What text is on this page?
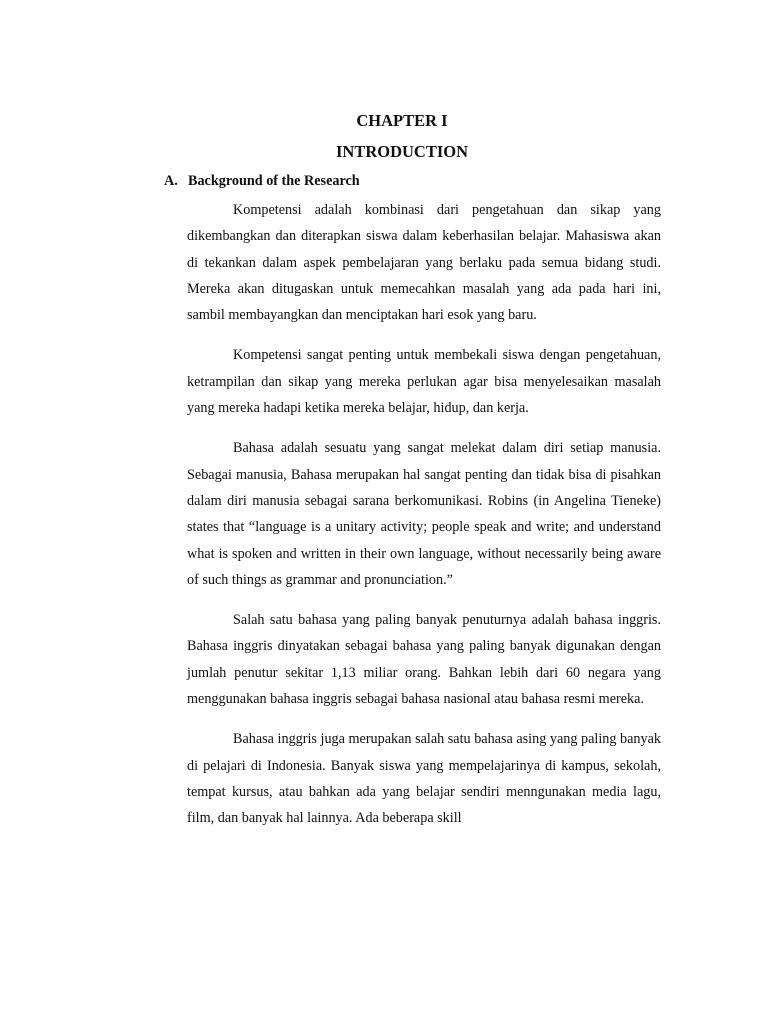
CHAPTER I
INTRODUCTION
A. Background of the Research

Kompetensi adalah kombinasi dari pengetahuan dan sikap yang dikembangkan dan diterapkan siswa dalam keberhasilan belajar. Mahasiswa akan di tekankan dalam aspek pembelajaran yang berlaku pada semua bidang studi. Mereka akan ditugaskan untuk memecahkan masalah yang ada pada hari ini, sambil membayangkan dan menciptakan hari esok yang baru.

Kompetensi sangat penting untuk membekali siswa dengan pengetahuan, ketrampilan dan sikap yang mereka perlukan agar bisa menyelesaikan masalah yang mereka hadapi ketika mereka belajar, hidup, dan kerja.

Bahasa adalah sesuatu yang sangat melekat dalam diri setiap manusia. Sebagai manusia, Bahasa merupakan hal sangat penting dan tidak bisa di pisahkan dalam diri manusia sebagai sarana berkomunikasi. Robins (in Angelina Tieneke) states that “language is a unitary activity; people speak and write; and understand what is spoken and written in their own language, without necessarily being aware of such things as grammar and pronunciation.”

Salah satu bahasa yang paling banyak penuturnya adalah bahasa inggris. Bahasa inggris dinyatakan sebagai bahasa yang paling banyak digunakan dengan jumlah penutur sekitar 1,13 miliar orang. Bahkan lebih dari 60 negara yang menggunakan bahasa inggris sebagai bahasa nasional atau bahasa resmi mereka.

Bahasa inggris juga merupakan salah satu bahasa asing yang paling banyak di pelajari di Indonesia. Banyak siswa yang mempelajarinya di kampus, sekolah, tempat kursus, atau bahkan ada yang belajar sendiri menngunakan media lagu, film, dan banyak hal lainnya. Ada beberapa skill
